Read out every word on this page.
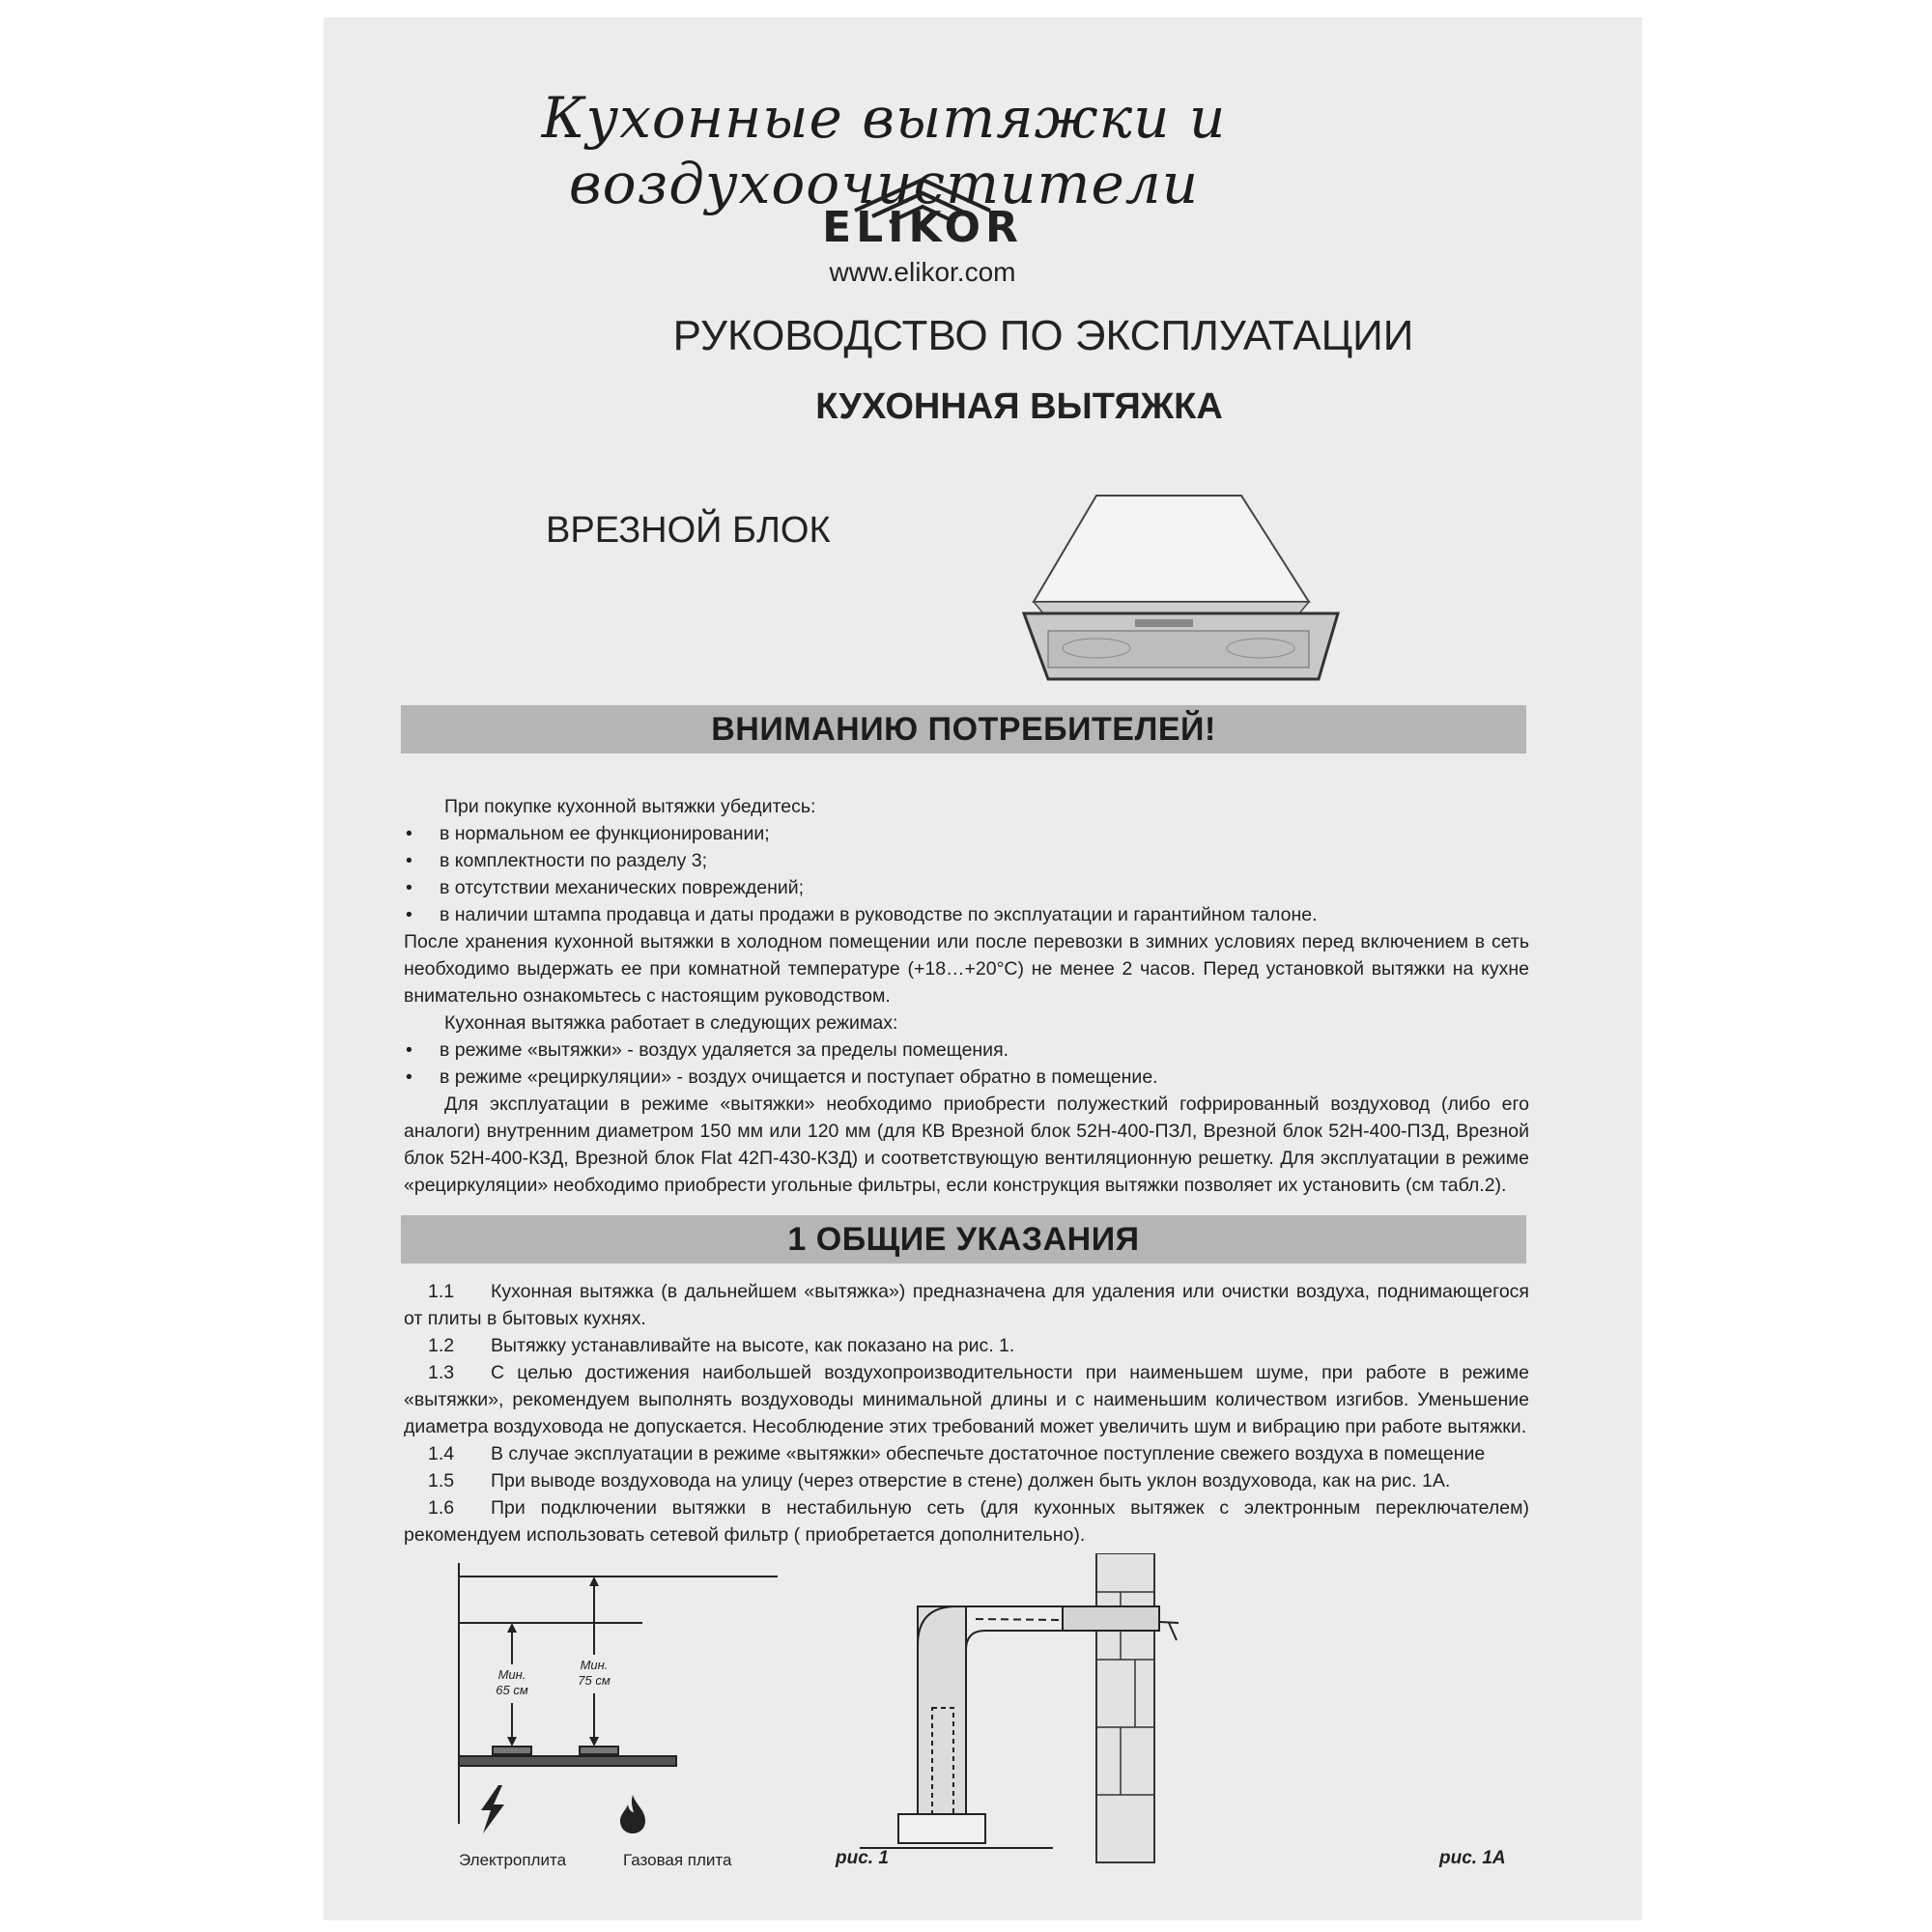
Кухонные вытяжки и воздухоочистители
ELIKOR
www.elikor.com
РУКОВОДСТВО ПО ЭКСПЛУАТАЦИИ
КУХОННАЯ ВЫТЯЖКА
ВРЕЗНОЙ БЛОК
ВНИМАНИЮ ПОТРЕБИТЕЛЕЙ!
При покупке кухонной вытяжки убедитесь:
• в нормальном ее функционировании;
• в комплектности по разделу 3;
• в отсутствии механических повреждений;
• в наличии штампа продавца и даты продажи в руководстве по эксплуатации и гарантийном талоне.
После хранения кухонной вытяжки в холодном помещении или после перевозки в зимних условиях перед включением в сеть необходимо выдержать ее при комнатной температуре (+18…+20°С) не менее 2 часов. Перед установкой вытяжки на кухне внимательно ознакомьтесь с настоящим руководством.
Кухонная вытяжка работает в следующих режимах:
• в режиме «вытяжки» - воздух удаляется за пределы помещения.
• в режиме «рециркуляции» - воздух очищается и поступает обратно в помещение.
Для эксплуатации в режиме «вытяжки» необходимо приобрести полужесткий гофрированный воздуховод (либо его аналоги) внутренним диаметром 150 мм или 120 мм (для КВ Врезной блок 52Н-400-ПЗЛ, Врезной блок 52Н-400-ПЗД, Врезной блок 52Н-400-КЗД, Врезной блок Flat 42П-430-КЗД) и соответствующую вентиляционную решетку. Для эксплуатации в режиме «рециркуляции» необходимо приобрести угольные фильтры, если конструкция вытяжки позволяет их установить (см табл.2).
1 ОБЩИЕ УКАЗАНИЯ
1.1 Кухонная вытяжка (в дальнейшем «вытяжка») предназначена для удаления или очистки воздуха, поднимающегося от плиты в бытовых кухнях.
1.2 Вытяжку устанавливайте на высоте, как показано на рис. 1.
1.3 С целью достижения наибольшей воздухопроизводительности при наименьшем шуме, при работе в режиме «вытяжки», рекомендуем выполнять воздуховоды минимальной длины и с наименьшим количеством изгибов. Уменьшение диаметра воздуховода не допускается. Несоблюдение этих требований может увеличить шум и вибрацию при работе вытяжки.
1.4 В случае эксплуатации в режиме «вытяжки» обеспечьте достаточное поступление свежего воздуха в помещение
1.5 При выводе воздуховода на улицу (через отверстие в стене) должен быть уклон воздуховода, как на рис. 1А.
1.6 При подключении вытяжки в нестабильную сеть (для кухонных вытяжек с электронным переключателем) рекомендуем использовать сетевой фильтр ( приобретается дополнительно).
Мин.
65 см
Мин.
75 см
Электроплита	Газовая плита	рис. 1	рис. 1А
